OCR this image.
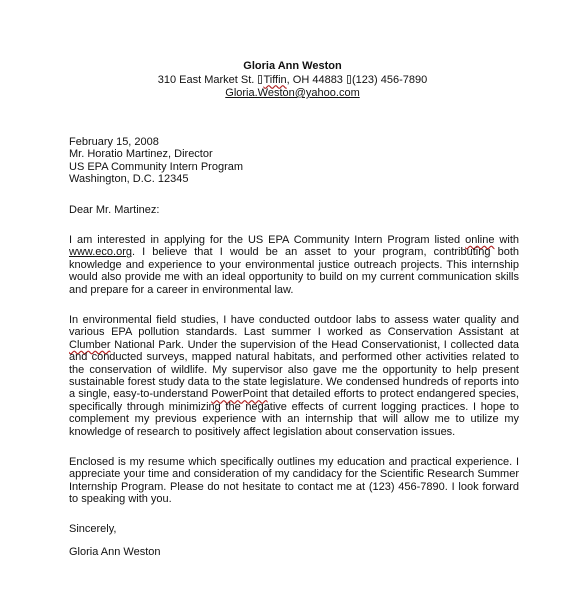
Gloria Ann Weston
310 East Market St. Tiffin, OH 44883 (123) 456-7890
Gloria.Weston@yahoo.com
February 15, 2008
Mr. Horatio Martinez, Director
US EPA Community Intern Program
Washington, D.C. 12345
Dear Mr. Martinez:
I am interested in applying for the US EPA Community Intern Program listed online with www.eco.org. I believe that I would be an asset to your program, contributing both knowledge and experience to your environmental justice outreach projects. This internship would also provide me with an ideal opportunity to build on my current communication skills and prepare for a career in environmental law.
In environmental field studies, I have conducted outdoor labs to assess water quality and various EPA pollution standards. Last summer I worked as Conservation Assistant at Clumber National Park. Under the supervision of the Head Conservationist, I collected data and conducted surveys, mapped natural habitats, and performed other activities related to the conservation of wildlife. My supervisor also gave me the opportunity to help present sustainable forest study data to the state legislature. We condensed hundreds of reports into a single, easy-to-understand PowerPoint that detailed efforts to protect endangered species, specifically through minimizing the negative effects of current logging practices. I hope to complement my previous experience with an internship that will allow me to utilize my knowledge of research to positively affect legislation about conservation issues.
Enclosed is my resume which specifically outlines my education and practical experience. I appreciate your time and consideration of my candidacy for the Scientific Research Summer Internship Program. Please do not hesitate to contact me at (123) 456-7890. I look forward to speaking with you.
Sincerely,
Gloria Ann Weston
